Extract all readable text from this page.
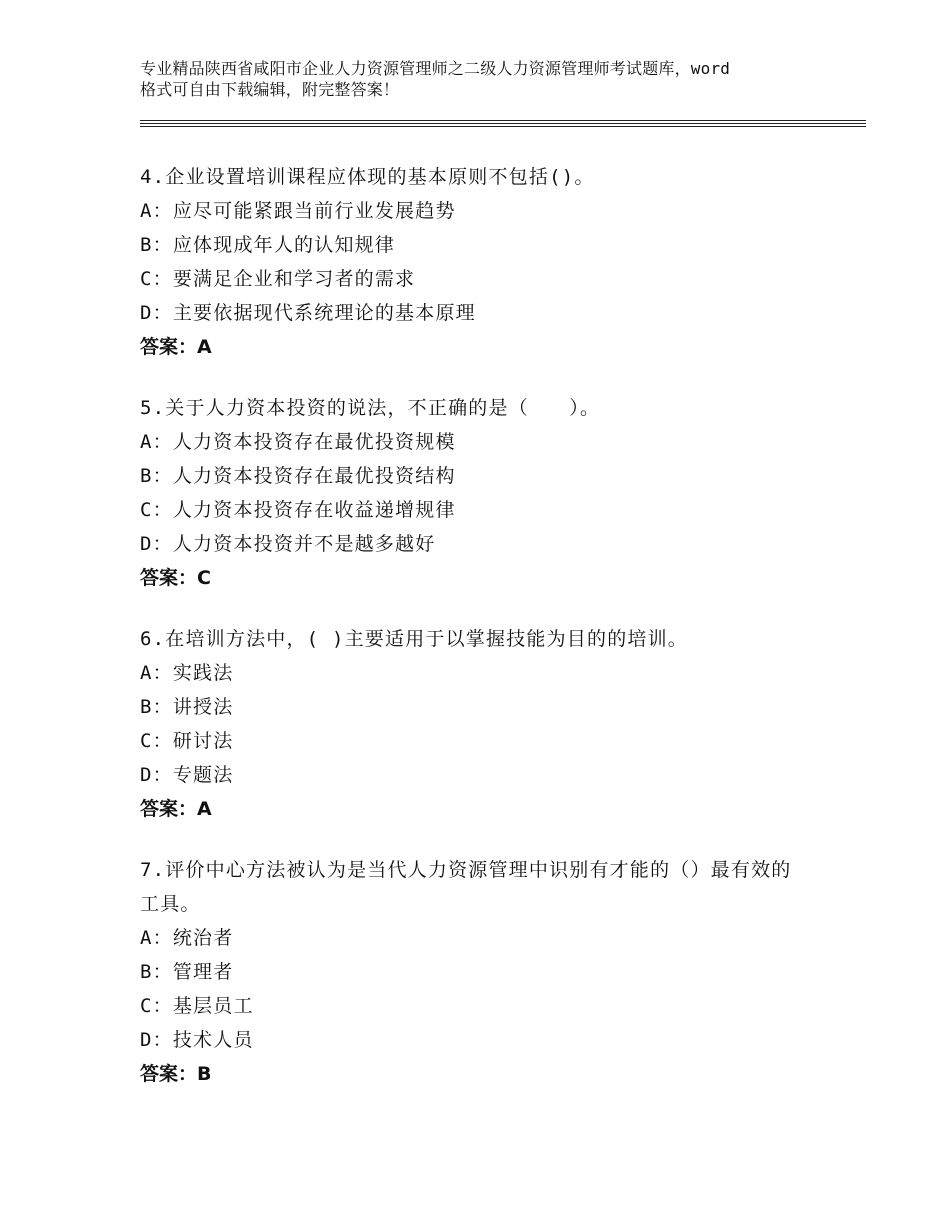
专业精品陕西省咸阳市企业人力资源管理师之二级人力资源管理师考试题库，word
格式可自由下载编辑，附完整答案！
4.企业设置培训课程应体现的基本原则不包括()。
A：应尽可能紧跟当前行业发展趋势
B：应体现成年人的认知规律
C：要满足企业和学习者的需求
D：主要依据现代系统理论的基本原理
答案：A
5.关于人力资本投资的说法，不正确的是（　　）。
A：人力资本投资存在最优投资规模
B：人力资本投资存在最优投资结构
C：人力资本投资存在收益递增规律
D：人力资本投资并不是越多越好
答案：C
6.在培训方法中，( )主要适用于以掌握技能为目的的培训。
A：实践法
B：讲授法
C：研讨法
D：专题法
答案：A
7.评价中心方法被认为是当代人力资源管理中识别有才能的（）最有效的工具。
A：统治者
B：管理者
C：基层员工
D：技术人员
答案：B
